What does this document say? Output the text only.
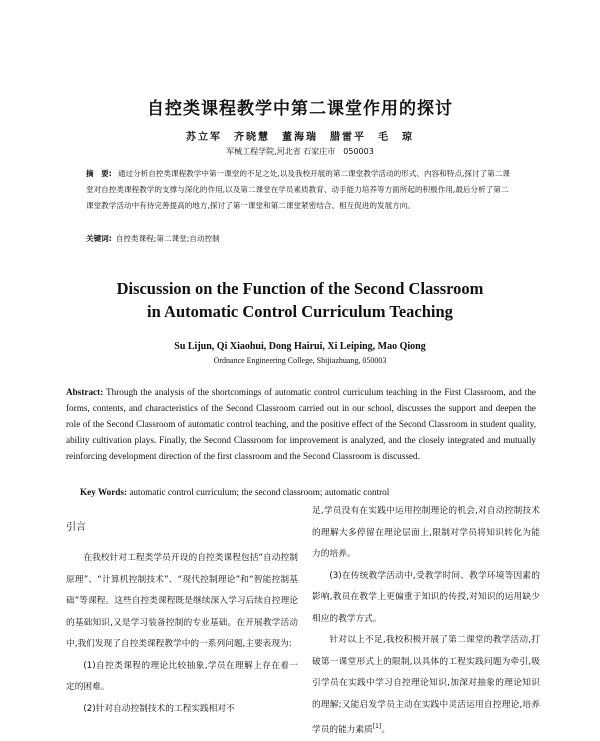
自控类课程教学中第二课堂作用的探讨
苏立军　齐晓慧　董海瑞　腊雷平　毛　琼
军械工程学院,河北省 石家庄市　050003
摘　要: 通过分析自控类课程教学中第一课堂的不足之处,以及我校开展的第二课堂教学活动的形式、内容和特点,探讨了第二课堂对自控类课程教学的支撑与深化的作用,以及第二课堂在学员素质教育、动手能力培养等方面所起的积极作用,最后分析了第二课堂教学活动中有待完善提高的地方,探讨了第一课堂和第二课堂紧密结合、相互促进的发展方向。
关键词: 自控类课程;第二课堂;自动控制
Discussion on the Function of the Second Classroom
in Automatic Control Curriculum Teaching
Su Lijun, Qi Xiaohui, Dong Hairui, Xi Leiping, Mao Qiong
Ordnance Engineering College, Shijiazhuang, 050003
Abstract: Through the analysis of the shortcomings of automatic control curriculum teaching in the First Classroom, and the forms, contents, and characteristics of the Second Classroom carried out in our school, discusses the support and deepen the role of the Second Classroom of automatic control teaching, and the positive effect of the Second Classroom in student quality, ability cultivation plays. Finally, the Second Classroom for improvement is analyzed, and the closely integrated and mutually reinforcing development direction of the first classroom and the Second Classroom is discussed.
Key Words: automatic control curriculum; the second classroom; automatic control
引言

在我校针对工程类学员开设的自控类课程包括“自动控制原理”、“计算机控制技术”、“现代控制理论”和“智能控制基础”等课程。这些自控类课程既是继续深入学习后续自控理论的基础知识,又是学习装备控制的专业基础。在开展教学活动中,我们发现了自控类课程教学中的一系列问题,主要表现为:

(1)自控类课程的理论比较抽象,学员在理解上存在着一定的困难。

(2)针对自动控制技术的工程实践相对不

足,学员没有在实践中运用控制理论的机会,对自动控制技术的理解大多停留在理论层面上,限制对学员将知识转化为能力的培养。

(3)在传统教学活动中,受教学时间、教学环境等因素的影响,教员在教学上更偏重于知识的传授,对知识的运用缺少相应的教学方式。

针对以上不足,我校积极开展了第二课堂的教学活动,打破第一课堂形式上的限制,以具体的工程实践问题为牵引,吸引学员在实践中学习自控理论知识,加深对抽象的理论知识的理解;又能启发学员主动在实践中灵活运用自控理论,培养学员的能力素质[1]。
